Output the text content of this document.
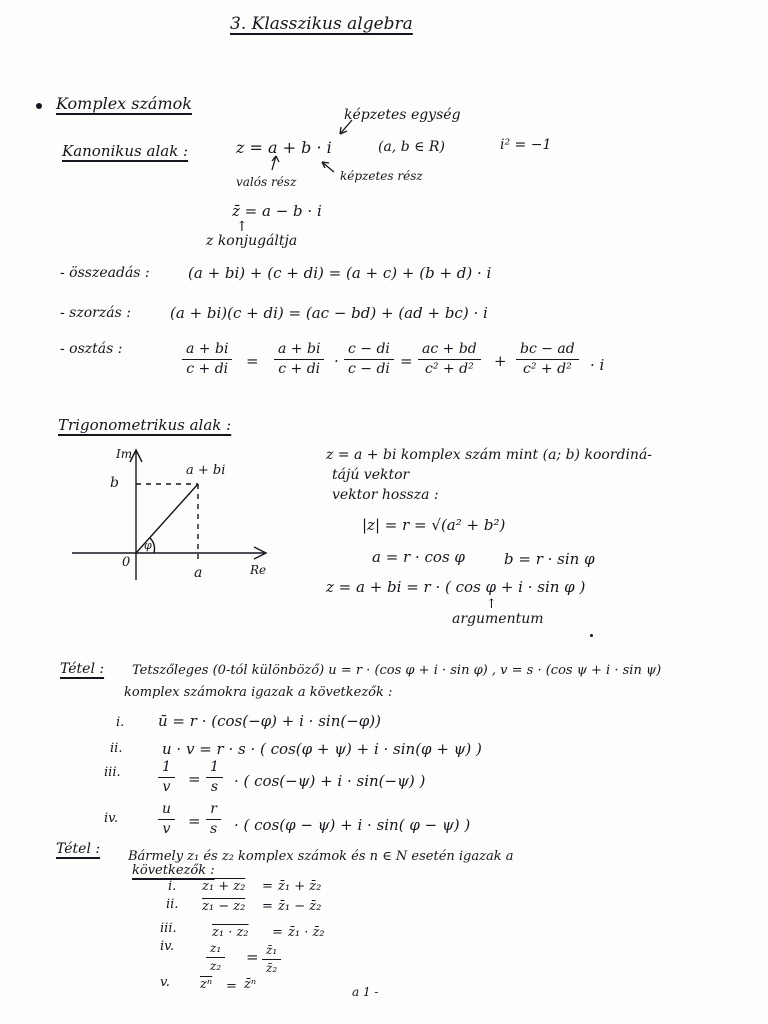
3. Klasszikus algebra
Komplex számok
képzetes egység
Kanonikus alak :	z = a + b · i	(a, b ∈ R)	i² = −1
valós rész	képzetes rész
z̄ = a − b · i
↑
z konjugáltja
- összeadás :	(a + bi) + (c + di) = (a + c) + (b + d) · i
- szorzás :	(a + bi)(c + di) = (ac − bd) + (ad + bc) · i
- osztás :	$\frac{a + bi}{c + di} = \frac{a + bi}{c + di} \cdot \frac{c - di}{c - di} = \frac{ac + bd}{\text{c² + d²}} + \frac{bc - ad}{\text{c² + d²}} \cdot i$
Trigonometrikus alak :
Im
Re
b
a
0
a + bi
φ
z = a + bi komplex szám mint (a; b) koordiná-
tájú vektor
vektor hossza :
|z| = r = √(a² + b²)
a = r · cos φ	b = r · sin φ
z = a + bi = r · ( cos φ + i · sin φ )
↑
argumentum
Tétel : Tetszőleges (0-tól különböző) u = r · (cos φ + i · sin φ) , v = s · (cos ψ + i · sin ψ)
komplex számokra igazak a következők :
i. ū = r · (cos(−φ) + i · sin(−φ))
ii.	u · v = r · s · ( cos(φ + ψ) + i · sin(φ + ψ) )
iii.	$\frac{1}{v} = \frac{1}{s}$ · ( cos(−ψ) + i · sin(−ψ) )
iv.	$\frac{u}{v} = \frac{r}{s}$ · ( cos(φ − ψ) + i · sin( φ − ψ) )
Tétel : Bármely z₁ és z₂ komplex számok és n ∈ N esetén igazak a
következők :
i. z₁ + z₂ = z̄₁ + z̄₂
ii. z₁ − z₂ = z̄₁ − z̄₂
iii.	z₁ · z₂ = z̄₁ · z̄₂
iv.	$\frac{\text{z₁}}{\text{z₂}} = \frac{\text{z̄₁}}{\text{z̄₂}}$
v. $\overline{z^n}$ = z̄ⁿ	a 1 -
